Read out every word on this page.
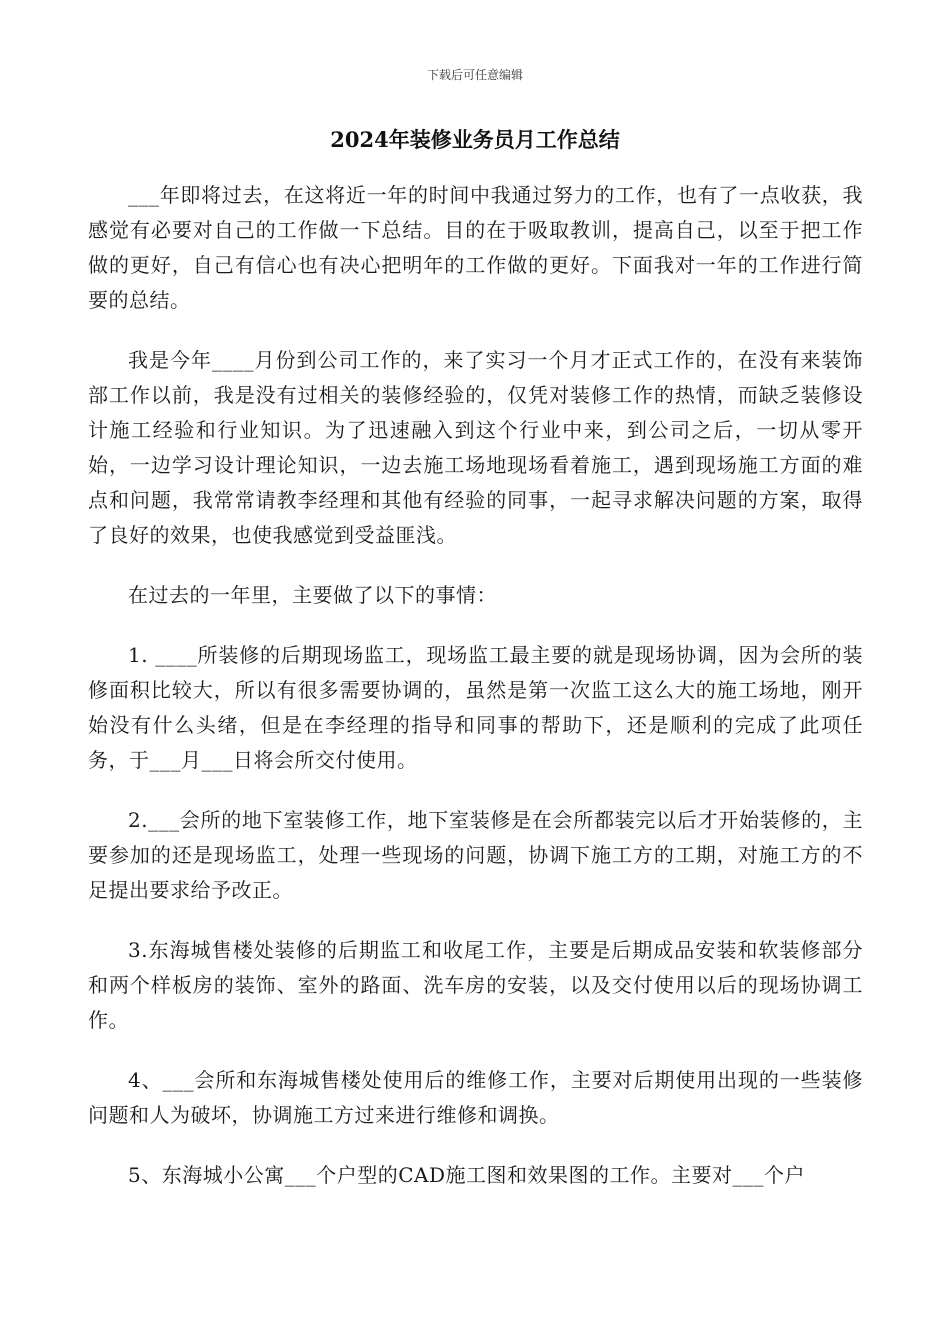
下载后可任意编辑
2024年装修业务员月工作总结

___年即将过去，在这将近一年的时间中我通过努力的工作，也有了一点收获，我感觉有必要对自己的工作做一下总结。目的在于吸取教训，提高自己，以至于把工作做的更好，自己有信心也有决心把明年的工作做的更好。下面我对一年的工作进行简要的总结。

我是今年____月份到公司工作的，来了实习一个月才正式工作的，在没有来装饰部工作以前，我是没有过相关的装修经验的，仅凭对装修工作的热情，而缺乏装修设计施工经验和行业知识。为了迅速融入到这个行业中来，到公司之后，一切从零开始，一边学习设计理论知识，一边去施工场地现场看着施工，遇到现场施工方面的难点和问题，我常常请教李经理和其他有经验的同事，一起寻求解决问题的方案，取得了良好的效果，也使我感觉到受益匪浅。

在过去的一年里，主要做了以下的事情：

1. ____所装修的后期现场监工，现场监工最主要的就是现场协调，因为会所的装修面积比较大，所以有很多需要协调的，虽然是第一次监工这么大的施工场地，刚开始没有什么头绪，但是在李经理的指导和同事的帮助下，还是顺利的完成了此项任务，于___月___日将会所交付使用。

2.___会所的地下室装修工作，地下室装修是在会所都装完以后才开始装修的，主要参加的还是现场监工，处理一些现场的问题，协调下施工方的工期，对施工方的不足提出要求给予改正。

3.东海城售楼处装修的后期监工和收尾工作，主要是后期成品安装和软装修部分和两个样板房的装饰、室外的路面、洗车房的安装，以及交付使用以后的现场协调工作。

4、___会所和东海城售楼处使用后的维修工作，主要对后期使用出现的一些装修问题和人为破坏，协调施工方过来进行维修和调换。

5、东海城小公寓___个户型的CAD施工图和效果图的工作。主要对___个户
